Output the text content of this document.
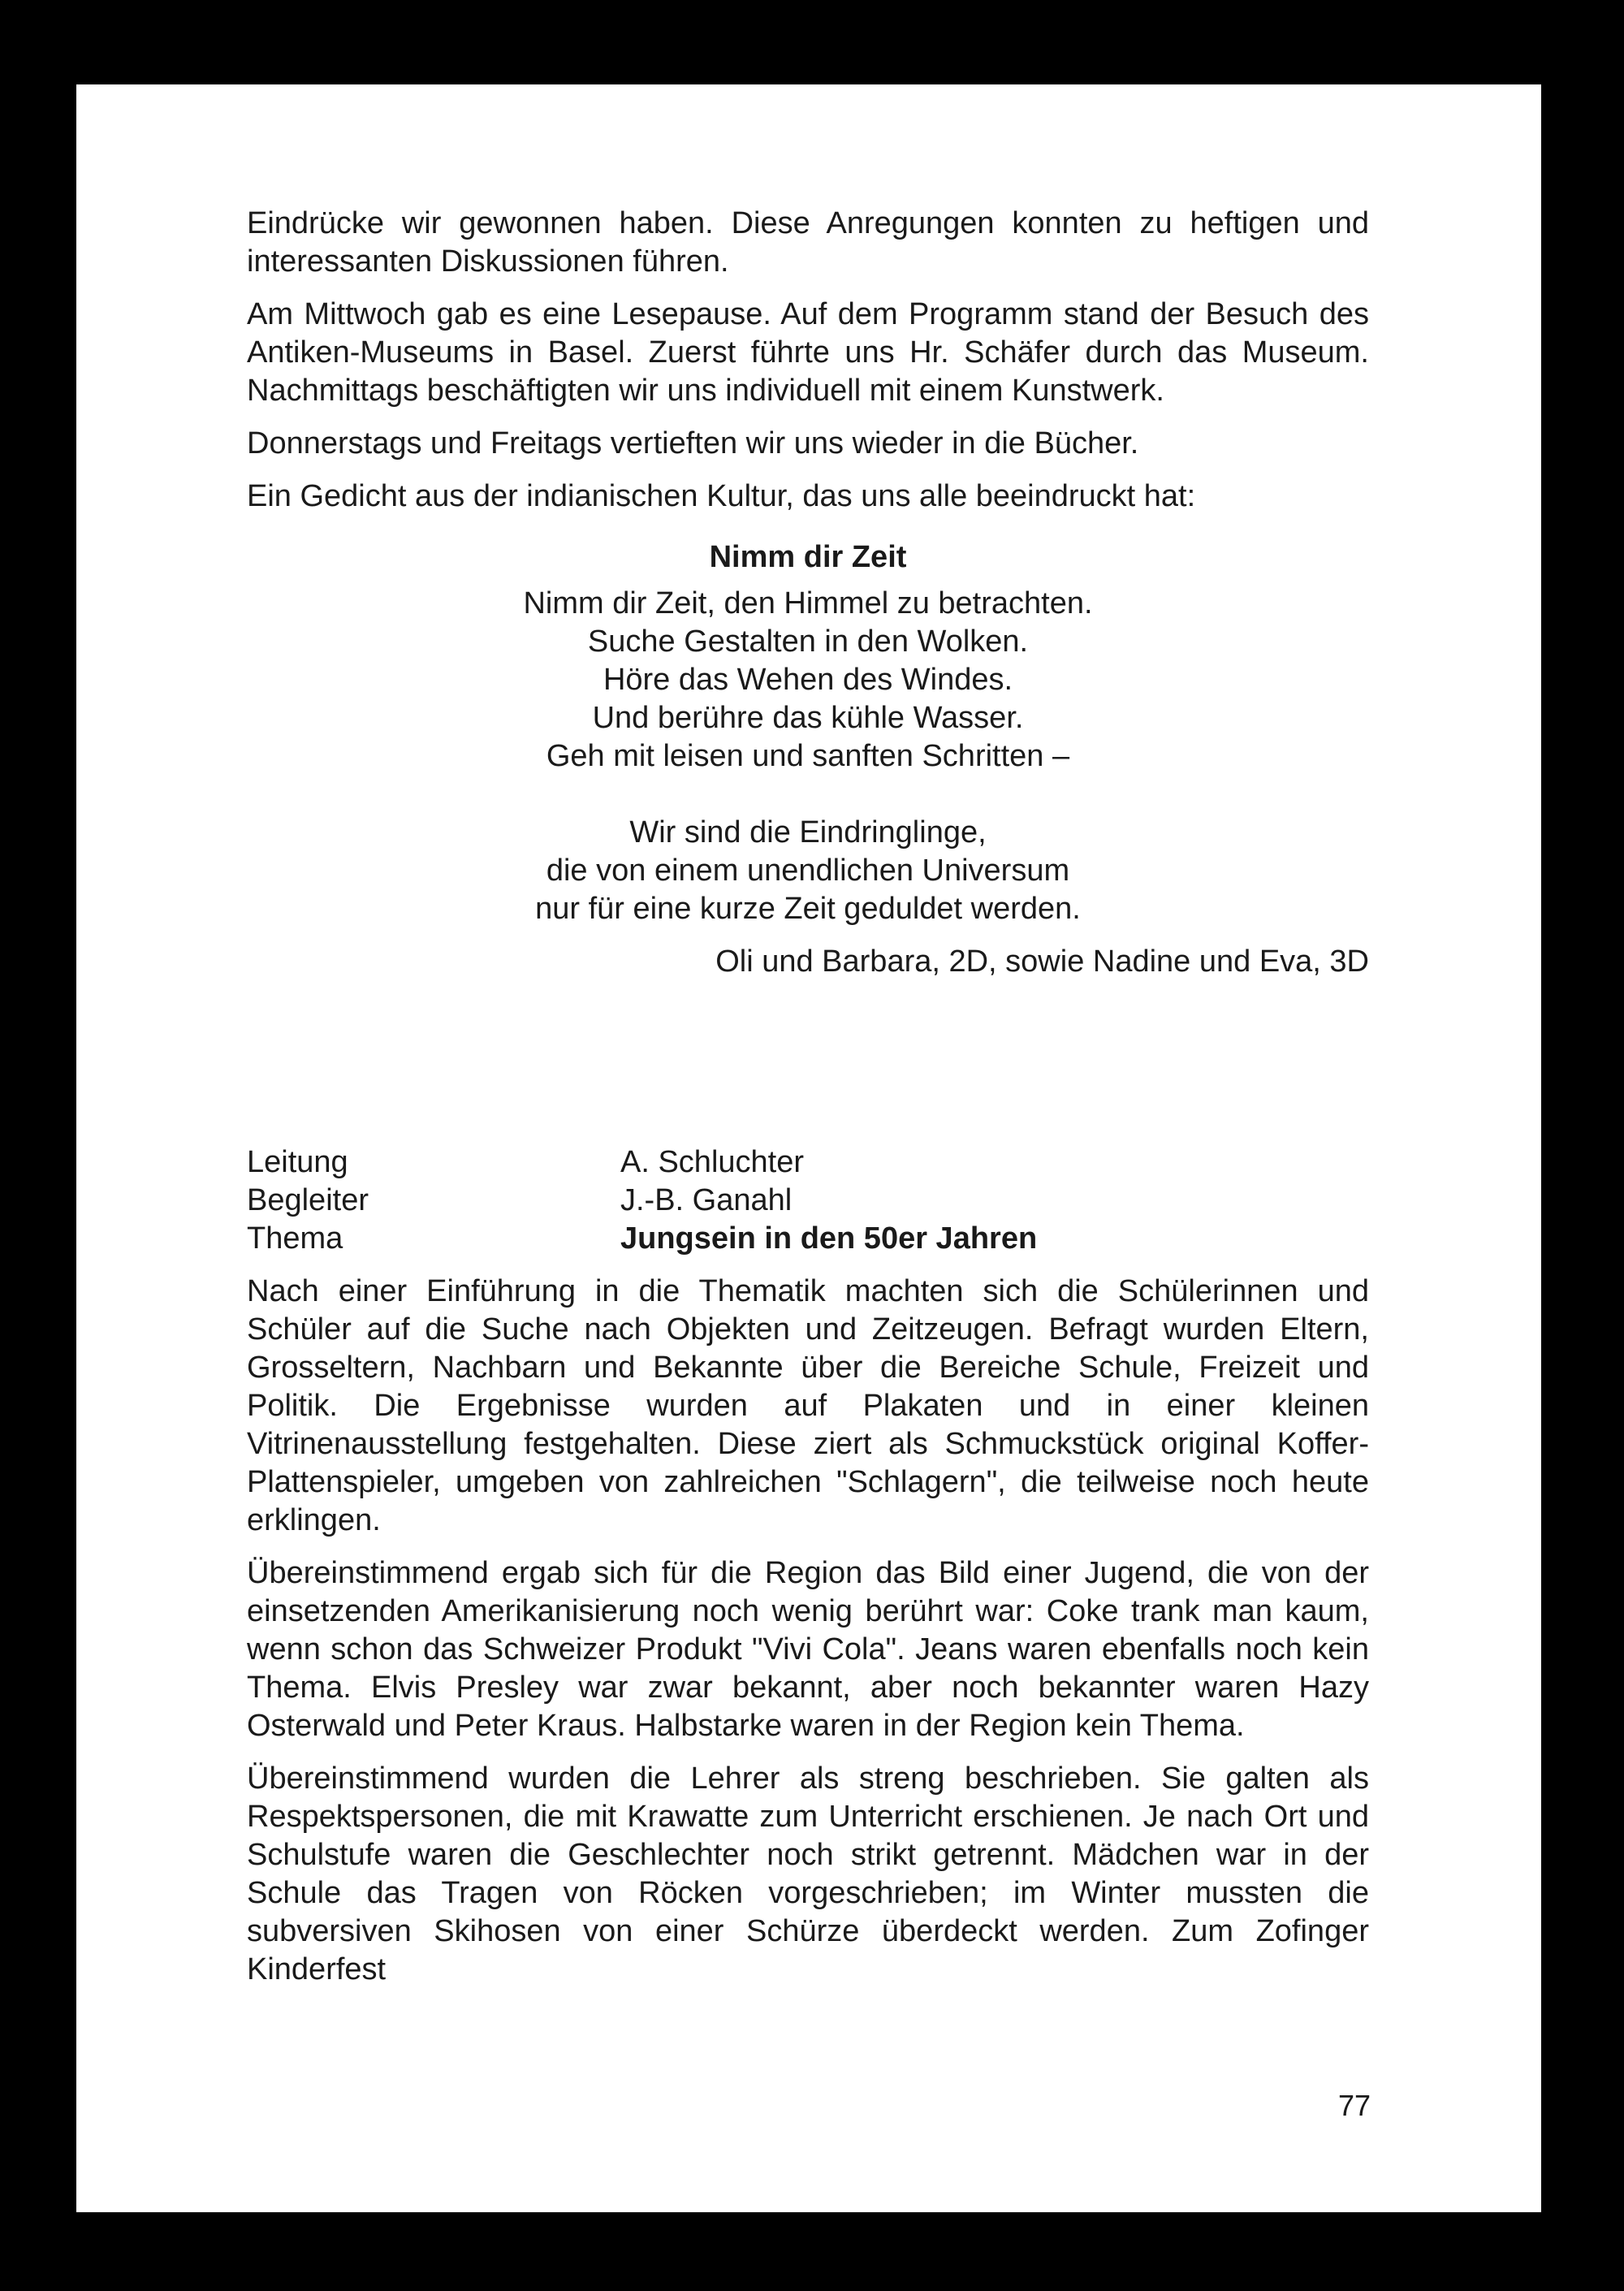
Eindrücke wir gewonnen haben. Diese Anregungen konnten zu heftigen und interessanten Diskussionen führen.

Am Mittwoch gab es eine Lesepause. Auf dem Programm stand der Besuch des Antiken-Museums in Basel. Zuerst führte uns Hr. Schäfer durch das Museum. Nachmittags beschäftigten wir uns individuell mit einem Kunstwerk.

Donnerstags und Freitags vertieften wir uns wieder in die Bücher.

Ein Gedicht aus der indianischen Kultur, das uns alle beeindruckt hat:

Nimm dir Zeit
Nimm dir Zeit, den Himmel zu betrachten.
Suche Gestalten in den Wolken.
Höre das Wehen des Windes.
Und berühre das kühle Wasser.
Geh mit leisen und sanften Schritten –
Wir sind die Eindringlinge,
die von einem unendlichen Universum
nur für eine kurze Zeit geduldet werden.
Oli und Barbara, 2D, sowie Nadine und Eva, 3D
Leitung	A. Schluchter
Begleiter	J.-B. Ganahl
Thema	Jungsein in den 50er Jahren

Nach einer Einführung in die Thematik machten sich die Schülerinnen und Schüler auf die Suche nach Objekten und Zeitzeugen. Befragt wurden Eltern, Grosseltern, Nachbarn und Bekannte über die Bereiche Schule, Freizeit und Politik. Die Ergebnisse wurden auf Plakaten und in einer kleinen Vitrinenausstellung festgehalten. Diese ziert als Schmuckstück original Koffer-Plattenspieler, umgeben von zahlreichen "Schlagern", die teilweise noch heute erklingen.

Übereinstimmend ergab sich für die Region das Bild einer Jugend, die von der einsetzenden Amerikanisierung noch wenig berührt war: Coke trank man kaum, wenn schon das Schweizer Produkt "Vivi Cola". Jeans waren ebenfalls noch kein Thema. Elvis Presley war zwar bekannt, aber noch bekannter waren Hazy Osterwald und Peter Kraus. Halbstarke waren in der Region kein Thema.

Übereinstimmend wurden die Lehrer als streng beschrieben. Sie galten als Respektspersonen, die mit Krawatte zum Unterricht erschienen. Je nach Ort und Schulstufe waren die Geschlechter noch strikt getrennt. Mädchen war in der Schule das Tragen von Röcken vorgeschrieben; im Winter mussten die subversiven Skihosen von einer Schürze überdeckt werden. Zum Zofinger Kinderfest

77
